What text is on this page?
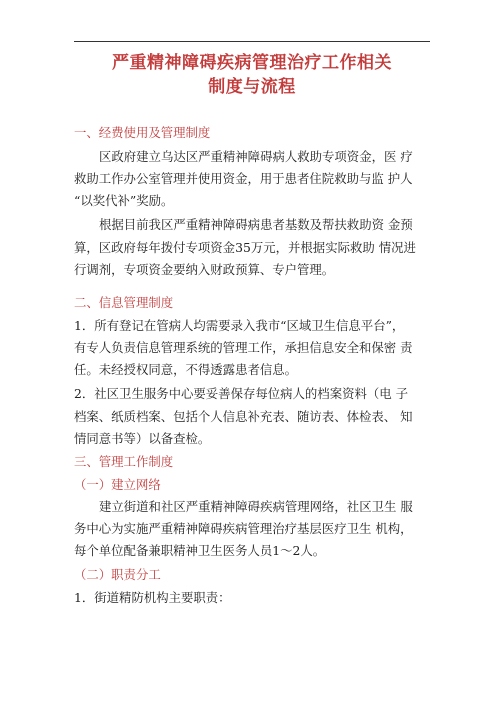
严重精神障碍疾病管理治疗工作相关
制度与流程
一、经费使用及管理制度
区政府建立乌达区严重精神障碍病人救助专项资金，医 疗
救助工作办公室管理并使用资金，用于患者住院救助与监 护人
“以奖代补”奖励。
根据目前我区严重精神障碍病患者基数及帮扶救助资 金预
算，区政府每年拨付专项资金35万元，并根据实际救助 情况进
行调剂，专项资金要纳入财政预算、专户管理。
二、信息管理制度
1．所有登记在管病人均需要录入我市“区域卫生信息平台”，
有专人负责信息管理系统的管理工作，承担信息安全和保密 责
任。未经授权同意，不得透露患者信息。
2．社区卫生服务中心要妥善保存每位病人的档案资料（电 子
档案、纸质档案、包括个人信息补充表、随访表、体检表、 知
情同意书等）以备查检。
三、管理工作制度
（一）建立网络
建立街道和社区严重精神障碍疾病管理网络，社区卫生 服
务中心为实施严重精神障碍疾病管理治疗基层医疗卫生 机构，
每个单位配备兼职精神卫生医务人员1〜2人。
（二）职责分工
1．街道精防机构主要职责：
